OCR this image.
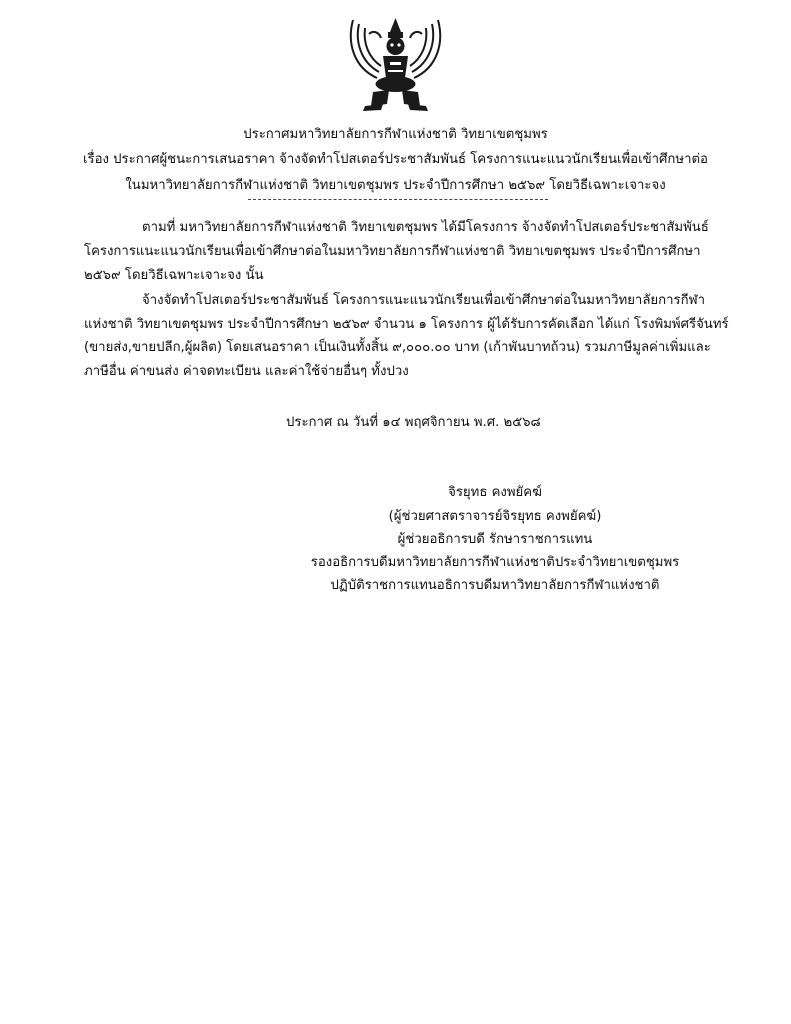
ประกาศมหาวิทยาลัยการกีฬาแห่งชาติ วิทยาเขตชุมพร
เรื่อง ประกาศผู้ชนะการเสนอราคา จ้างจัดทำโปสเตอร์ประชาสัมพันธ์ โครงการแนะแนวนักเรียนเพื่อเข้าศึกษาต่อ
ในมหาวิทยาลัยการกีฬาแห่งชาติ วิทยาเขตชุมพร ประจำปีการศึกษา ๒๕๖๙ โดยวิธีเฉพาะเจาะจง
ตามที่ มหาวิทยาลัยการกีฬาแห่งชาติ วิทยาเขตชุมพร ได้มีโครงการ จ้างจัดทำโปสเตอร์ประชาสัมพันธ์
โครงการแนะแนวนักเรียนเพื่อเข้าศึกษาต่อในมหาวิทยาลัยการกีฬาแห่งชาติ วิทยาเขตชุมพร ประจำปีการศึกษา
๒๕๖๙ โดยวิธีเฉพาะเจาะจง นั้น
จ้างจัดทำโปสเตอร์ประชาสัมพันธ์ โครงการแนะแนวนักเรียนเพื่อเข้าศึกษาต่อในมหาวิทยาลัยการกีฬา
แห่งชาติ วิทยาเขตชุมพร ประจำปีการศึกษา ๒๕๖๙ จำนวน ๑ โครงการ ผู้ได้รับการคัดเลือก ได้แก่ โรงพิมพ์ศรีจันทร์
(ขายส่ง,ขายปลีก,ผู้ผลิต) โดยเสนอราคา เป็นเงินทั้งสิ้น ๙,๐๐๐.๐๐ บาท (เก้าพันบาทถ้วน) รวมภาษีมูลค่าเพิ่มและ
ภาษีอื่น ค่าขนส่ง ค่าจดทะเบียน และค่าใช้จ่ายอื่นๆ ทั้งปวง
ประกาศ ณ วันที่ ๑๔ พฤศจิกายน พ.ศ. ๒๕๖๘
จิรยุทธ คงพยัคฆ์
(ผู้ช่วยศาสตราจารย์จิรยุทธ คงพยัคฆ์)
ผู้ช่วยอธิการบดี รักษาราชการแทน
รองอธิการบดีมหาวิทยาลัยการกีฬาแห่งชาติประจำวิทยาเขตชุมพร
ปฏิบัติราชการแทนอธิการบดีมหาวิทยาลัยการกีฬาแห่งชาติ
